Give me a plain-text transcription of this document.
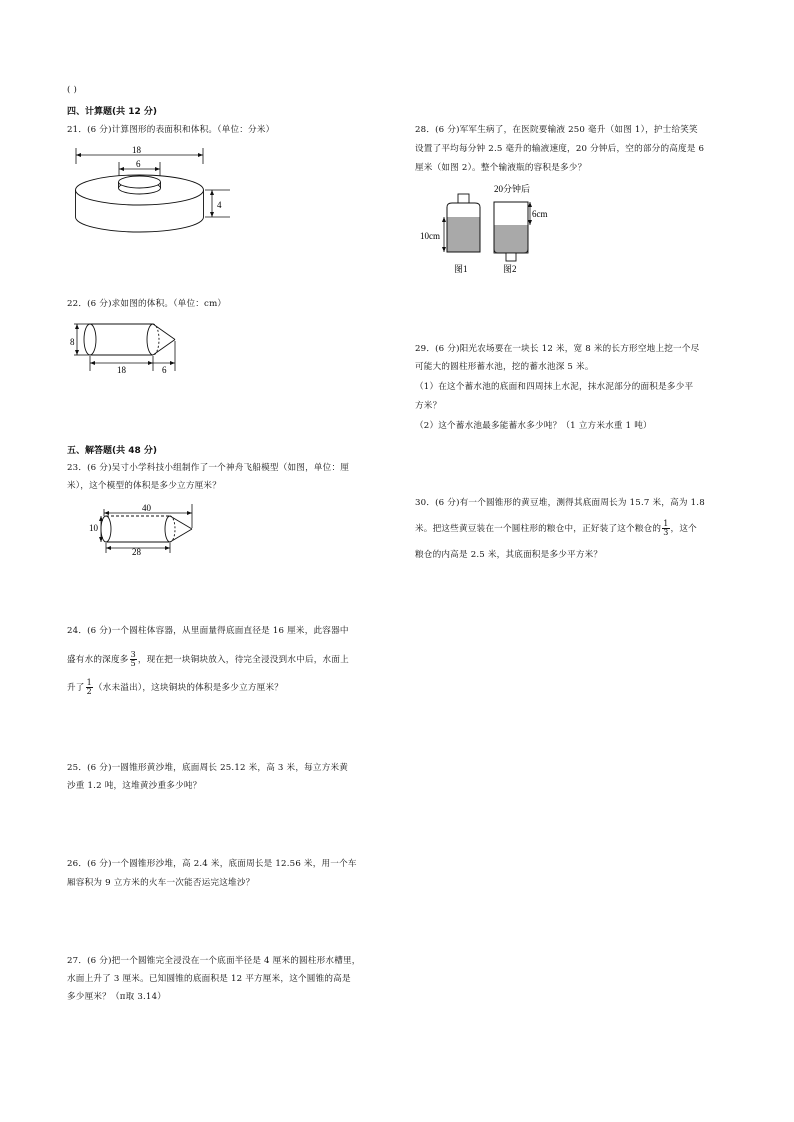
( )
四、计算题(共 12 分)
21．(6 分)计算图形的表面积和体积。（单位：分米）
18
6
4
22．(6 分)求如图的体积。（单位：cm）
8
18	6
五、解答题(共 48 分)
23．(6 分)吴寸小学科技小组制作了一个神舟飞船模型（如图，单位：厘
米），这个模型的体积是多少立方厘米？
40
10
28
24．(6 分)一个圆柱体容器，从里面量得底面直径是 16 厘米，此容器中
盛有水的深度多 $\frac{3}{5}$ ，现在把一块铜块放入，待完全浸没到水中后，水面上
升了 $\frac{1}{2}$ （水未溢出），这块铜块的体积是多少立方厘米？
25．(6 分)一圆锥形黄沙堆，底面周长 25.12 米，高 3 米，每立方米黄
沙重 1.2 吨，这堆黄沙重多少吨？
26．(6 分)一个圆锥形沙堆，高 2.4 米，底面周长是 12.56 米，用一个车
厢容积为 9 立方米的火车一次能否运完这堆沙？
27．(6 分)把一个圆锥完全浸没在一个底面半径是 4 厘米的圆柱形水槽里，
水面上升了 3 厘米。已知圆锥的底面积是 12 平方厘米，这个圆锥的高是
多少厘米？（π取 3.14）
28．(6 分)军军生病了，在医院要输液 250 毫升（如图 1），护士给笑笑
设置了平均每分钟 2.5 毫升的输液速度，20 分钟后，空的部分的高度是 6
厘米（如图 2）。整个输液瓶的容积是多少？
10cm
图1
20分钟后
6cm
图2
29．(6 分)阳光农场要在一块长 12 米，宽 8 米的长方形空地上挖一个尽
可能大的圆柱形蓄水池，挖的蓄水池深 5 米。
（1）在这个蓄水池的底面和四周抹上水泥，抹水泥部分的面积是多少平
方米？
（2）这个蓄水池最多能蓄水多少吨？（1 立方米水重 1 吨）
30．(6 分)有一个圆锥形的黄豆堆，测得其底面周长为 15.7 米，高为 1.8
米。把这些黄豆装在一个圆柱形的粮仓中，正好装了这个粮仓的 $\frac{1}{3}$ ，这个
粮仓的内高是 2.5 米，其底面积是多少平方米？
